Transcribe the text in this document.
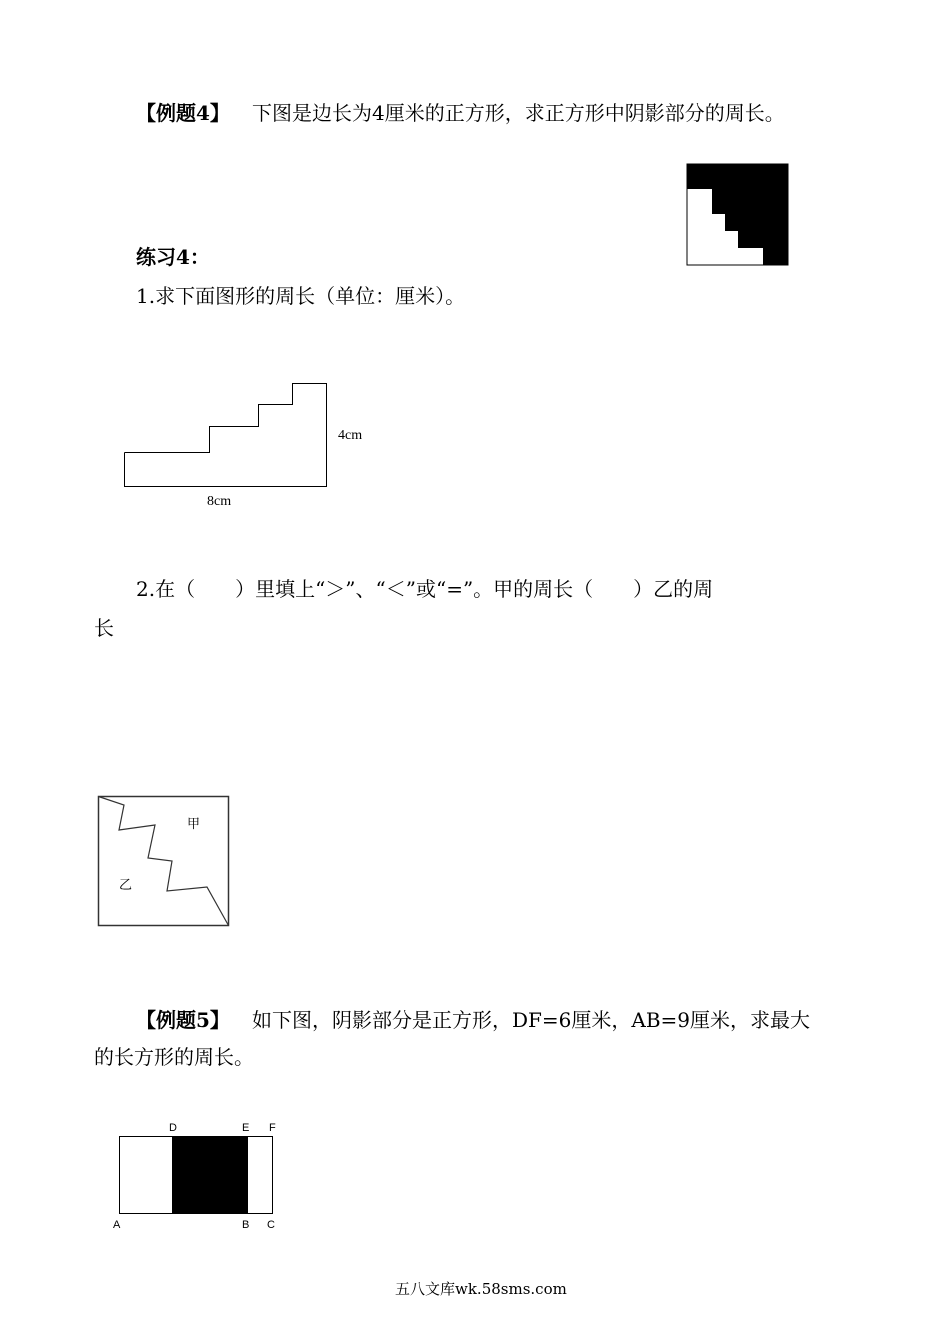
【例题4】 下图是边长为4厘米的正方形，求正方形中阴影部分的周长。
练习4：
1.求下面图形的周长（单位：厘米）。
4cm
8cm
2.在（　　）里填上“＞”、“＜”或“=”。甲的周长（　　）乙的周
长
甲
乙
【例题5】 如下图，阴影部分是正方形，DF=6厘米，AB=9厘米，求最大
的长方形的周长。
D	E F
A	B C
五八文库wk.58sms.com
